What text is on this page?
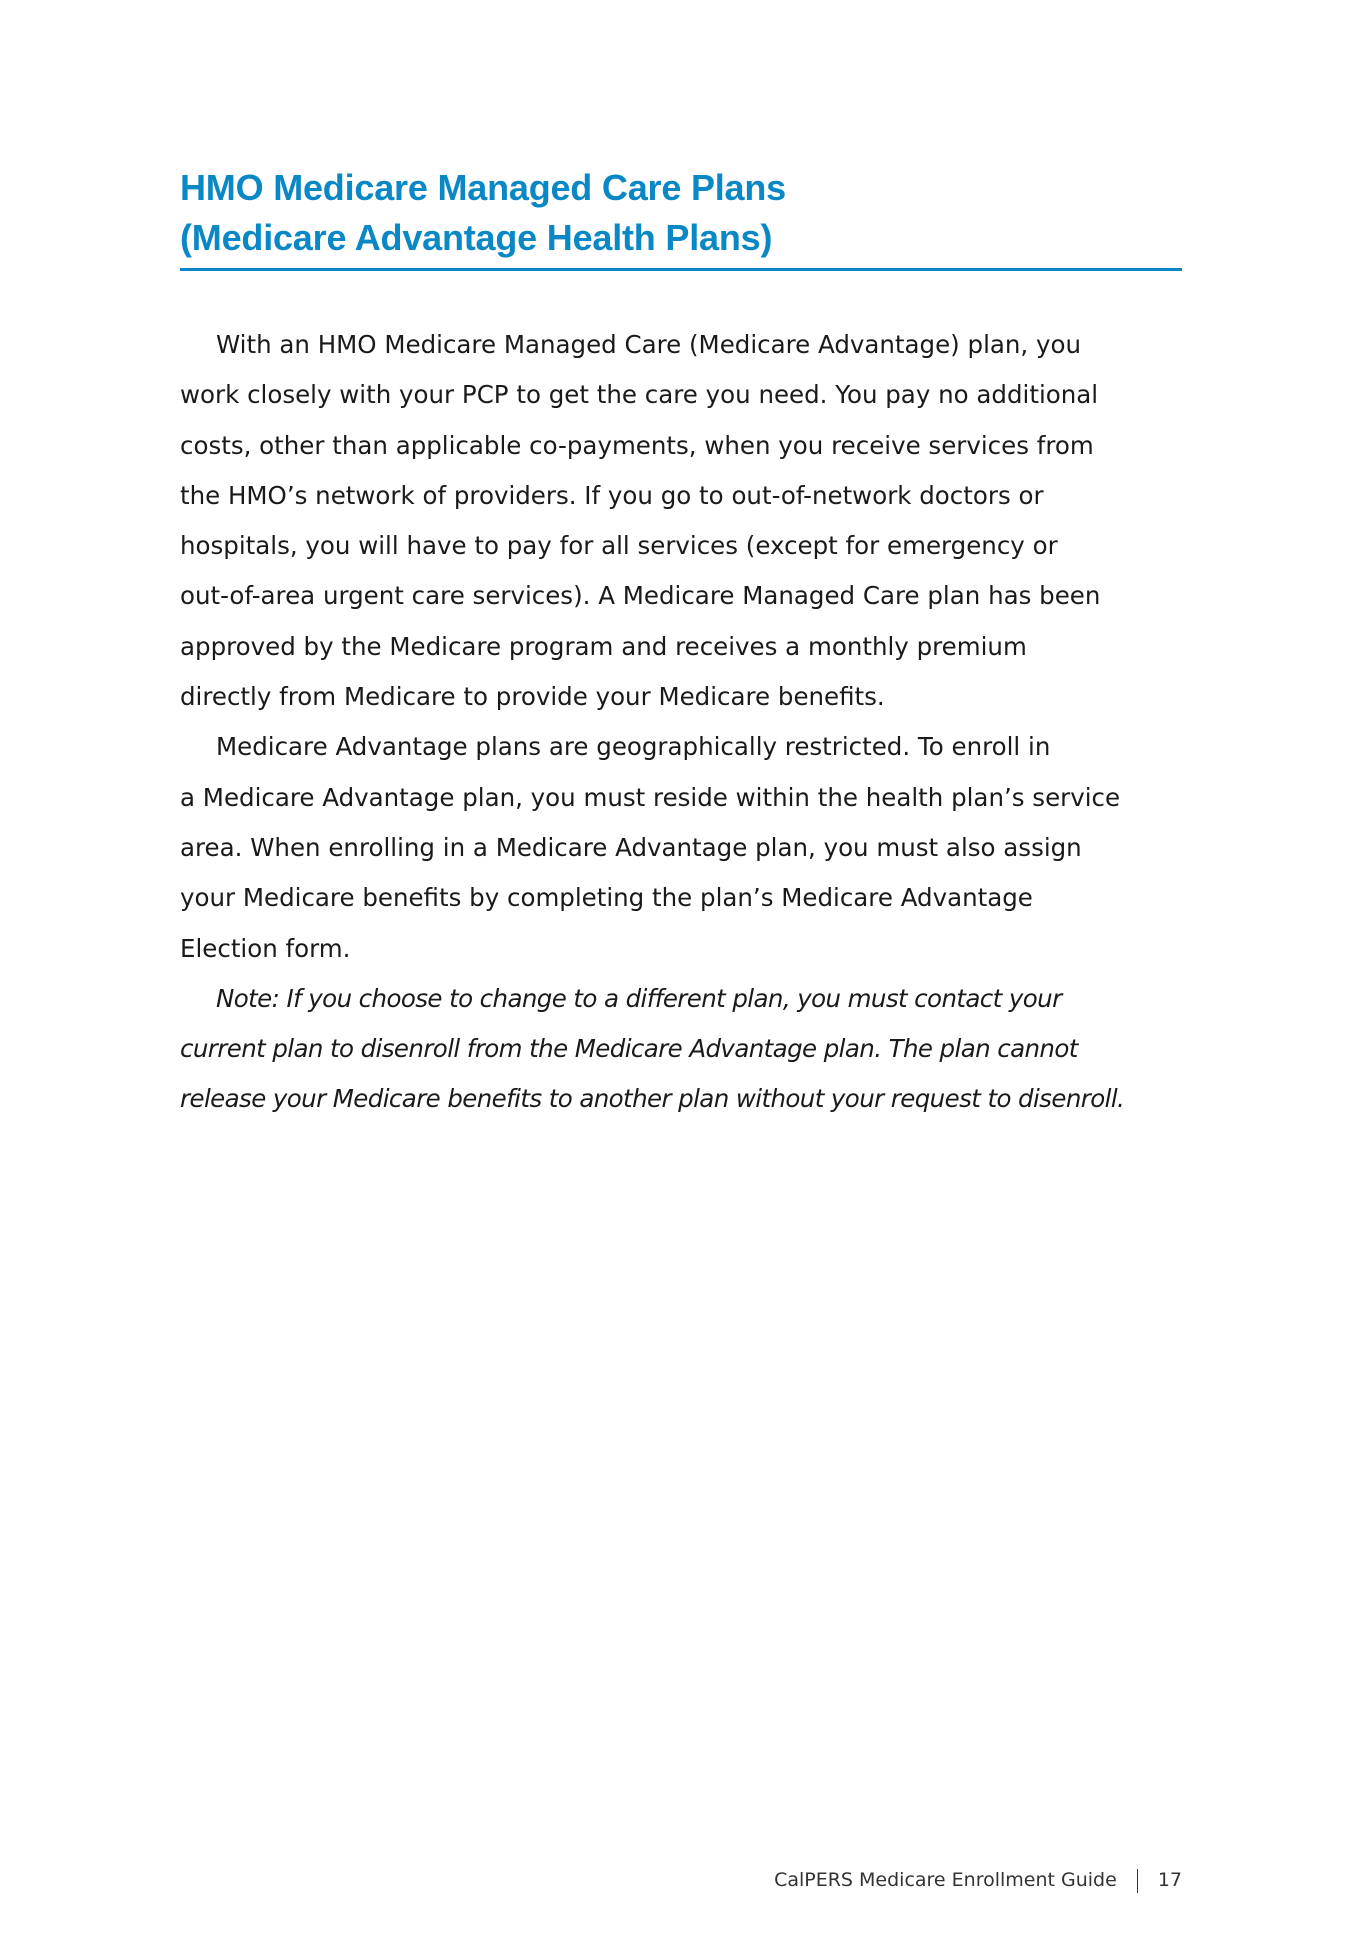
HMO Medicare Managed Care Plans
(Medicare Advantage Health Plans)

With an HMO Medicare Managed Care (Medicare Advantage) plan, you
work closely with your PCP to get the care you need. You pay no additional
costs, other than applicable co-payments, when you receive services from
the HMO’s network of providers. If you go to out-of-network doctors or
hospitals, you will have to pay for all services (except for emergency or
out-of-area urgent care services). A Medicare Managed Care plan has been
approved by the Medicare program and receives a monthly premium
directly from Medicare to provide your Medicare benefits.

Medicare Advantage plans are geographically restricted. To enroll in
a Medicare Advantage plan, you must reside within the health plan’s service
area. When enrolling in a Medicare Advantage plan, you must also assign
your Medicare benefits by completing the plan’s Medicare Advantage
Election form.

Note: If you choose to change to a different plan, you must contact your
current plan to disenroll from the Medicare Advantage plan. The plan cannot
release your Medicare benefits to another plan without your request to disenroll.

CalPERS Medicare Enrollment Guide 17
